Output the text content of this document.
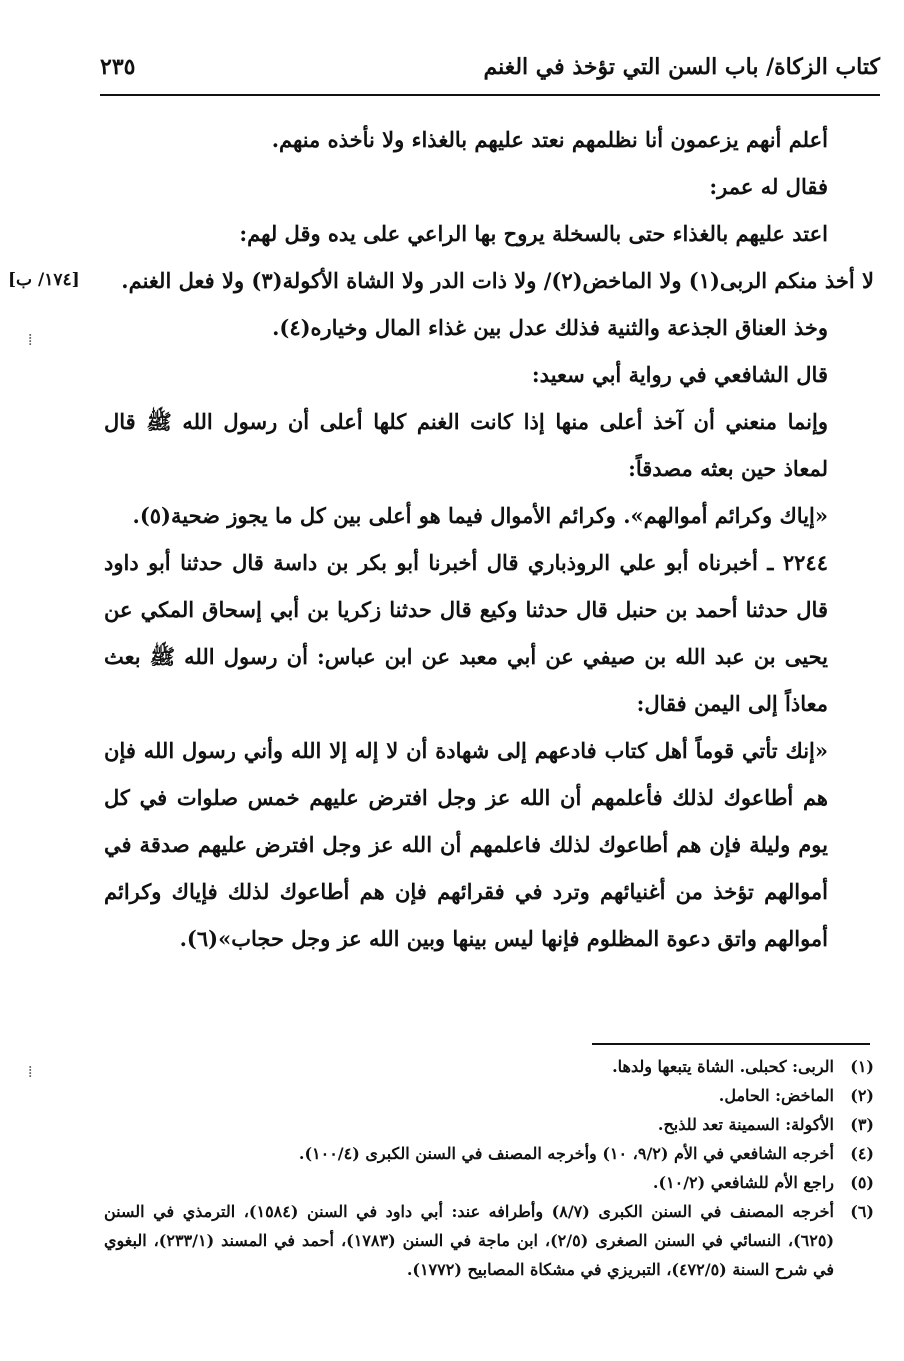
كتاب الزكاة/ باب السن التي تؤخذ في الغنم
٢٣٥
[١٧٤/ ب]
⁞
⁞

أعلم أنهم يزعمون أنا نظلمهم نعتد عليهم بالغذاء ولا نأخذه منهم.

فقال له عمر:

اعتد عليهم بالغذاء حتى بالسخلة يروح بها الراعي على يده وقل لهم:

لا أخذ منكم الربى(١) ولا الماخض(٢)/ ولا ذات الدر ولا الشاة الأكولة(٣) ولا فعل الغنم.

وخذ العناق الجذعة والثنية فذلك عدل بين غذاء المال وخياره(٤).

قال الشافعي في رواية أبي سعيد:

وإنما منعني أن آخذ أعلى منها إذا كانت الغنم كلها أعلى أن رسول الله ﷺ قال لمعاذ حين بعثه مصدقاً:

«إياك وكرائم أموالهم». وكرائم الأموال فيما هو أعلى بين كل ما يجوز ضحية(٥).

٢٢٤٤ ـ أخبرناه أبو علي الروذباري قال أخبرنا أبو بكر بن داسة قال حدثنا أبو داود قال حدثنا أحمد بن حنبل قال حدثنا وكيع قال حدثنا زكريا بن أبي إسحاق المكي عن يحيى بن عبد الله بن صيفي عن أبي معبد عن ابن عباس: أن رسول الله ﷺ بعث معاذاً إلى اليمن فقال:

«إنك تأتي قوماً أهل كتاب فادعهم إلى شهادة أن لا إله إلا الله وأني رسول الله فإن هم أطاعوك لذلك فأعلمهم أن الله عز وجل افترض عليهم خمس صلوات في كل يوم وليلة فإن هم أطاعوك لذلك فاعلمهم أن الله عز وجل افترض عليهم صدقة في أموالهم تؤخذ من أغنيائهم وترد في فقرائهم فإن هم أطاعوك لذلك فإياك وكرائم أموالهم واتق دعوة المظلوم فإنها ليس بينها وبين الله عز وجل حجاب»(٦).

(١)
الربى: كحبلى. الشاة يتبعها ولدها.
(٢)
الماخض: الحامل.
(٣)
الأكولة: السمينة تعد للذبح.
(٤)
أخرجه الشافعي في الأم (٩/٢، ١٠) وأخرجه المصنف في السنن الكبرى (١٠٠/٤).
(٥)
راجع الأم للشافعي (١٠/٢).
(٦)
أخرجه المصنف في السنن الكبرى (٨/٧) وأطرافه عند: أبي داود في السنن (١٥٨٤)، الترمذي في السنن (٦٢٥)، النسائي في السنن الصغرى (٢/٥)، ابن ماجة في السنن (١٧٨٣)، أحمد في المسند (٢٣٣/١)، البغوي في شرح السنة (٤٧٢/٥)، التبريزي في مشكاة المصابيح (١٧٧٢).
